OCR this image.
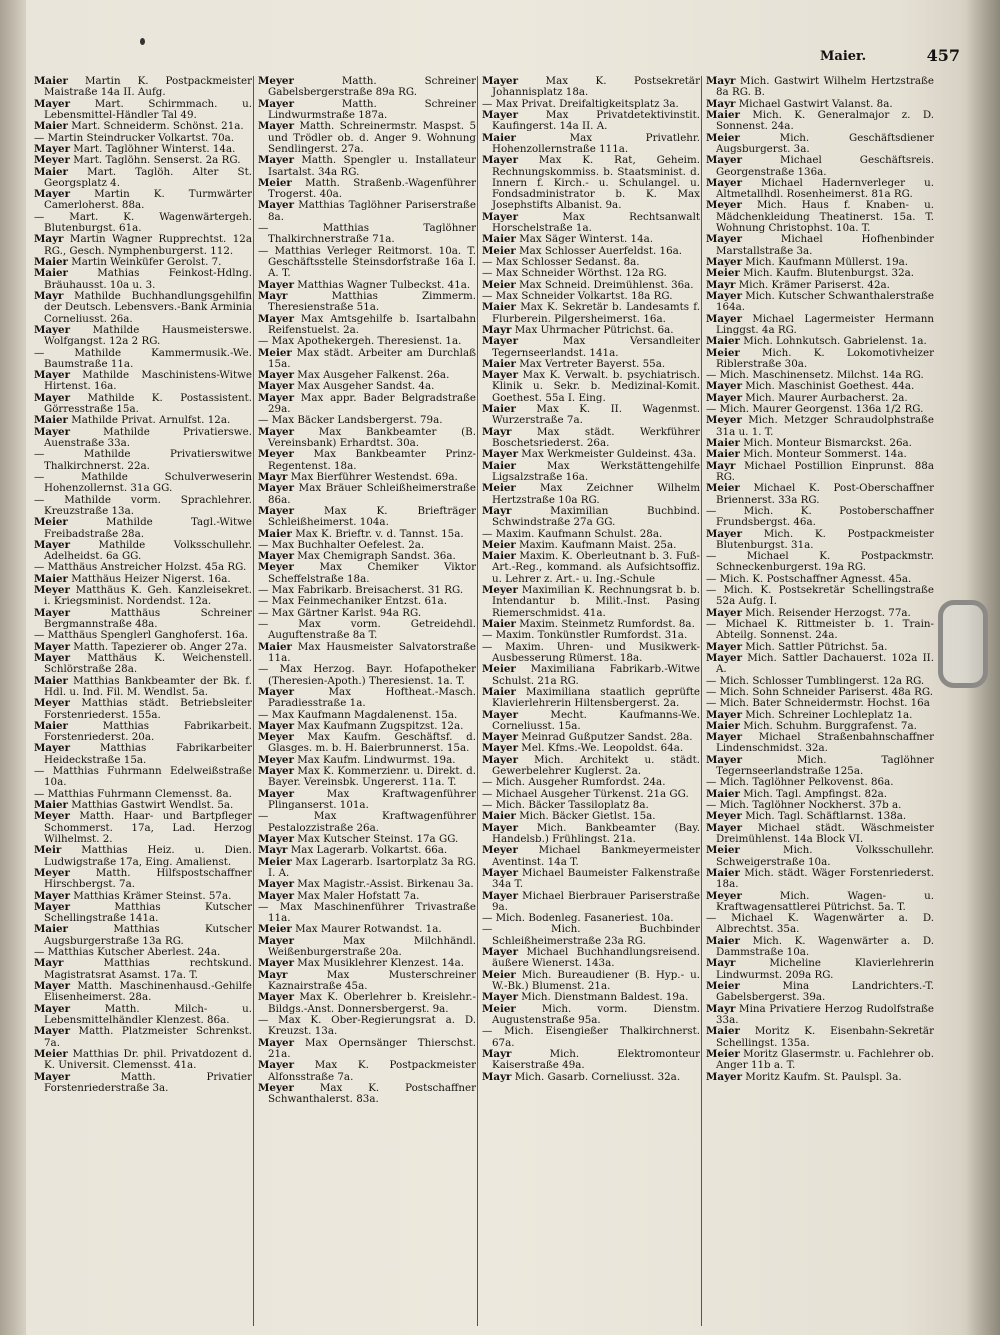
Maier.	457

Maier Martin K. Postpackmeister Maistraße 14a II. Aufg.

Mayer Mart. Schirmmach. u. Lebensmittel-Händler Tal 49.

Maier Mart. Schneiderm. Schönst. 21a.

— Martin Steindrucker Volkartst. 70a.

Mayer Mart. Taglöhner Winterst. 14a.

Meyer Mart. Taglöhn. Senserst. 2a RG.

Maier Mart. Taglöh. Alter St. Georgsplatz 4.

Mayer Martin K. Turmwärter Camerloherst. 88a.

— Mart. K. Wagenwärtergeh. Blutenburgst. 61a.

Mayr Martin Wagner Rupprechtst. 12a RG., Gesch. Nymphenburgerst. 112.

Maier Martin Weinküfer Gerolst. 7.

Maier Mathias Feinkost-Hdlng. Bräuhausst. 10a u. 3.

Mayr Mathilde Buchhandlungsgehilfin der Deutsch. Lebensvers.-Bank Arminia Corneliusst. 26a.

Mayer Mathilde Hausmeisterswe. Wolfgangst. 12a 2 RG.

— Mathilde Kammermusik.-We. Baumstraße 11a.

Mayer Mathilde Maschinistens-Witwe Hirtenst. 16a.

Mayer Mathilde K. Postassistent. Görresstraße 15a.

Maier Mathilde Privat. Arnulfst. 12a.

Mayer Mathilde Privatierswe. Auenstraße 33a.

— Mathilde Privatierswitwe Thalkirchnerst. 22a.

— Mathilde Schulverweserin Hohenzollernst. 31a GG.

— Mathilde vorm. Sprachlehrer. Kreuzstraße 13a.

Meier Mathilde Tagl.-Witwe Freibadstraße 28a.

Mayer Mathilde Volksschullehr. Adelheidst. 6a GG.

— Matthäus Anstreicher Holzst. 45a RG.

Maier Matthäus Heizer Nigerst. 16a.

Meyer Matthäus K. Geh. Kanzleisekret. i. Kriegsminist. Nordendst. 12a.

Mayer Matthäus Schreiner Bergmannstraße 48a.

— Matthäus Spenglerl Ganghoferst. 16a.

Mayer Matth. Tapezierer ob. Anger 27a.

Mayer Matthäus K. Weichenstell. Schlörstraße 28a.

Maier Matthias Bankbeamter der Bk. f. Hdl. u. Ind. Fil. M. Wendlst. 5a.

Meyer Matthias städt. Betriebsleiter Forstenriederst. 155a.

Maier Matthias Fabrikarbeit. Forstenriederst. 20a.

Mayer Matthias Fabrikarbeiter Heideckstraße 15a.

— Matthias Fuhrmann Edelweißstraße 10a.

— Matthias Fuhrmann Clemensst. 8a.

Maier Matthias Gastwirt Wendlst. 5a.

Meyer Matth. Haar- und Bartpfleger Schommerst. 17a, Lad. Herzog Wilhelmst. 2.

Meir Matthias Heiz. u. Dien. Ludwigstraße 17a, Eing. Amalienst.

Meyer Matth. Hilfspostschaffner Hirschbergst. 7a.

Mayer Matthias Krämer Steinst. 57a.

Mayer Matthias Kutscher Schellingstraße 141a.

Maier Matthias Kutscher Augsburgerstraße 13a RG.

— Matthias Kutscher Aberlest. 24a.

Mayr Matthias rechtskund. Magistratsrat Asamst. 17a. T.

Mayer Matth. Maschinenhausd.-Gehilfe Elisenheimerst. 28a.

Mayer Matth. Milch- u. Lebensmittelhändler Klenzest. 86a.

Mayer Matth. Platzmeister Schrenkst. 7a.

Meier Matthias Dr. phil. Privatdozent d. K. Universit. Clemensst. 41a.

Mayer Matth. Privatier Forstenriederstraße 3a.

Meyer Matth. Schreiner Gabelsbergerstraße 89a RG.

Mayer Matth. Schreiner Lindwurmstraße 187a.

Mayer Matth. Schreinermstr. Maspst. 5 und Trödler ob. d. Anger 9. Wohnung Sendlingerst. 27a.

Mayer Matth. Spengler u. Installateur Isartalst. 34a RG.

Meier Matth. Straßenb.-Wagenführer Trogerst. 40a.

Mayer Matthias Taglöhner Pariserstraße 8a.

— Matthias Taglöhner Thalkirchnerstraße 71a.

— Matthias Verleger Reitmorst. 10a. T. Geschäftsstelle Steinsdorfstraße 16a I. A. T.

Mayer Matthias Wagner Tulbeckst. 41a.

Mayr Matthias Zimmerm. Theresienstraße 51a.

Mayer Max Amtsgehilfe b. Isartalbahn Reifenstuelst. 2a.

— Max Apothekergeh. Theresienst. 1a.

Meier Max städt. Arbeiter am Durchlaß 15a.

Mayer Max Ausgeher Falkenst. 26a.

Mayer Max Ausgeher Sandst. 4a.

Mayer Max appr. Bader Belgradstraße 29a.

— Max Bäcker Landsbergerst. 79a.

Mayer Max Bankbeamter (B. Vereinsbank) Erhardtst. 30a.

Meyer Max Bankbeamter Prinz-Regentenst. 18a.

Mayr Max Bierführer Westendst. 69a.

Mayer Max Bräuer Schleißheimerstraße 86a.

Mayer Max K. Briefträger Schleißheimerst. 104a.

Maier Max K. Brieftr. v. d. Tannst. 15a.

— Max Buchhalter Oefelest. 2a.

Mayer Max Chemigraph Sandst. 36a.

Meyer Max Chemiker Viktor Scheffelstraße 18a.

— Max Fabrikarb. Breisacherst. 31 RG.

— Max Feinmechaniker Entzst. 61a.

— Max Gärtner Karlst. 94a RG.

— Max vorm. Getreidehdl. Auguftenstraße 8a T.

Maier Max Hausmeister Salvatorstraße 11a.

— Max Herzog. Bayr. Hofapotheker (Theresien-Apoth.) Theresienst. 1a. T.

Mayer Max Hoftheat.-Masch. Paradiesstraße 1a.

— Max Kaufmann Magdalenenst. 15a.

Mayer Max Kaufmann Zugspitzst. 12a.

Meyer Max Kaufm. Geschäftsf. d. Glasges. m. b. H. Baierbrunnerst. 15a.

Meyer Max Kaufm. Lindwurmst. 19a.

Mayer Max K. Kommerzienr. u. Direkt. d. Bayer. Vereinsbk. Ungererst. 11a. T.

Mayer Max Kraftwagenführer Plinganserst. 101a.

— Max Kraftwagenführer Pestalozzistraße 26a.

Mayer Max Kutscher Steinst. 17a GG.

Mayr Max Lagerarb. Volkartst. 66a.

Meier Max Lagerarb. Isartorplatz 3a RG. I. A.

Mayer Max Magistr.-Assist. Birkenau 3a.

Mayer Max Maler Hofstatt 7a.

— Max Maschinenführer Trivastraße 11a.

Meier Max Maurer Rotwandst. 1a.

Mayer Max Milchhändl. Weißenburgerstraße 20a.

Mayer Max Musiklehrer Klenzest. 14a.

Mayr Max Musterschreiner Kaznairstraße 45a.

Mayer Max K. Oberlehrer b. Kreislehr.-Bildgs.-Anst. Donnersbergerst. 9a.

— Max K. Ober-Regierungsrat a. D. Kreuzst. 13a.

Mayer Max Opernsänger Thierschst. 21a.

Mayer Max K. Postpackmeister Alfonsstraße 7a.

Meyer Max K. Postschaffner Schwanthalerst. 83a.

Mayer Max K. Postsekretär Johannisplatz 18a.

— Max Privat. Dreifaltigkeitsplatz 3a.

Mayer Max Privatdetektivinstit. Kaufingerst. 14a II. A.

Maier Max Privatlehr. Hohenzollernstraße 111a.

Mayer Max K. Rat, Geheim. Rechnungskommiss. b. Staatsminist. d. Innern f. Kirch.- u. Schulangel. u. Fondsadministrator b. K. Max Josephstifts Albanist. 9a.

Mayer Max Rechtsanwalt Horschelstraße 1a.

Maier Max Säger Winterst. 14a.

Meier Max Schlosser Auerfeldst. 16a.

— Max Schlosser Sedanst. 8a.

— Max Schneider Wörthst. 12a RG.

Meier Max Schneid. Dreimühlenst. 36a.

— Max Schneider Volkartst. 18a RG.

Maier Max K. Sekretär b. Landesamts f. Flurberein. Pilgersheimerst. 16a.

Mayr Max Uhrmacher Pütrichst. 6a.

Mayer Max Versandleiter Tegernseerlandst. 141a.

Maier Max Vertreter Bayerst. 55a.

Mayer Max K. Verwalt. b. psychiatrisch. Klinik u. Sekr. b. Medizinal-Komit. Goethest. 55a I. Eing.

Maier Max K. II. Wagenmst. Wurzerstraße 7a.

Mayr Max städt. Werkführer Boschetsriederst. 26a.

Mayer Max Werkmeister Guldeinst. 43a.

Maier Max Werkstättengehilfe Ligsalzstraße 16a.

Meier Max Zeichner Wilhelm Hertzstraße 10a RG.

Mayr Maximilian Buchbind. Schwindstraße 27a GG.

— Maxim. Kaufmann Schulst. 28a.

Meier Maxim. Kaufmann Maist. 25a.

Maier Maxim. K. Oberleutnant b. 3. Fuß-Art.-Reg., kommand. als Aufsichtsoffiz. u. Lehrer z. Art.- u. Ing.-Schule

Meyer Maximilian K. Rechnungsrat b. b. Intendantur b. Milit.-Inst. Pasing Riemerschmidst. 41a.

Maier Maxim. Steinmetz Rumfordst. 8a.

— Maxim. Tonkünstler Rumfordst. 31a.

— Maxim. Uhren- und Musikwerk-Ausbesserung Rümerst. 18a.

Meier Maximiliana Fabrikarb.-Witwe Schulst. 21a RG.

Maier Maximiliana staatlich geprüfte Klavierlehrerin Hiltensbergerst. 2a.

Mayer Mecht. Kaufmanns-We. Corneliusst. 15a.

Mayer Meinrad Gußputzer Sandst. 28a.

Mayer Mel. Kfms.-We. Leopoldst. 64a.

Mayer Mich. Architekt u. städt. Gewerbelehrer Kuglerst. 2a.

— Mich. Ausgeher Rumfordst. 24a.

— Michael Ausgeher Türkenst. 21a GG.

— Mich. Bäcker Tassiloplatz 8a.

Maier Mich. Bäcker Gietlst. 15a.

Mayer Mich. Bankbeamter (Bay. Handelsb.) Frühlingst. 21a.

Meyer Michael Bankmeyermeister Aventinst. 14a T.

Mayer Michael Baumeister Falkenstraße 34a T.

Mayer Michael Bierbrauer Pariserstraße 9a.

— Mich. Bodenleg. Fasaneriest. 10a.

— Mich. Buchbinder Schleißheimerstraße 23a RG.

Mayer Michael Buchhandlungsreisend. äußere Wienerst. 143a.

Meier Mich. Bureaudiener (B. Hyp.- u. W.-Bk.) Blumenst. 21a.

Mayer Mich. Dienstmann Baldest. 19a.

Meier Mich. vorm. Dienstm. Augustenstraße 95a.

— Mich. Eisengießer Thalkirchnerst. 67a.

Mayr Mich. Elektromonteur Kaiserstraße 49a.

Mayr Mich. Gasarb. Corneliusst. 32a.

Mayr Mich. Gastwirt Wilhelm Hertzstraße 8a RG. B.

Mayr Michael Gastwirt Valanst. 8a.

Maier Mich. K. Generalmajor z. D. Sonnenst. 24a.

Meier Mich. Geschäftsdiener Augsburgerst. 3a.

Mayer Michael Geschäftsreis. Georgenstraße 136a.

Mayer Michael Hadernverleger u. Altmetallhdl. Rosenheimerst. 81a RG.

Meyer Mich. Haus f. Knaben- u. Mädchenkleidung Theatinerst. 15a. T. Wohnung Christophst. 10a. T.

Mayer Michael Hofhenbinder Marstallstraße 3a.

Mayer Mich. Kaufmann Müllerst. 19a.

Meier Mich. Kaufm. Blutenburgst. 32a.

Mayr Mich. Krämer Pariserst. 42a.

Mayer Mich. Kutscher Schwanthalerstraße 164a.

Mayer Michael Lagermeister Hermann Linggst. 4a RG.

Maier Mich. Lohnkutsch. Gabrielenst. 1a.

Meier Mich. K. Lokomotivheizer Riblerstraße 30a.

— Mich. Maschinensetz. Milchst. 14a RG.

Mayer Mich. Maschinist Goethest. 44a.

Mayer Mich. Maurer Aurbacherst. 2a.

— Mich. Maurer Georgenst. 136a 1/2 RG.

Meyer Mich. Metzger Schraudolphstraße 31a u. 1. T.

Maier Mich. Monteur Bismarckst. 26a.

Maier Mich. Monteur Sommerst. 14a.

Mayr Michael Postillion Einprunst. 88a RG.

Meier Michael K. Post-Oberschaffner Briennerst. 33a RG.

— Mich. K. Postoberschaffner Frundsbergst. 46a.

Mayer Mich. K. Postpackmeister Blutenburgst. 31a.

— Michael K. Postpackmstr. Schneckenburgerst. 19a RG.

— Mich. K. Postschaffner Agnesst. 45a.

— Mich. K. Postsekretär Schellingstraße 52a Aufg. I.

Mayer Mich. Reisender Herzogst. 77a.

— Michael K. Rittmeister b. 1. Train-Abteilg. Sonnenst. 24a.

Mayer Mich. Sattler Pütrichst. 5a.

Mayer Mich. Sattler Dachauerst. 102a II. A.

— Mich. Schlosser Tumblingerst. 12a RG.

— Mich. Sohn Schneider Pariserst. 48a RG.

— Mich. Bater Schneidermstr. Hochst. 16a

Mayer Mich. Schreiner Lochleplatz 1a.

Maier Mich. Schuhm. Burggrafenst. 7a.

Mayer Michael Straßenbahnschaffner Lindenschmidst. 32a.

Mayer Mich. Taglöhner Tegernseerlandstraße 125a.

— Mich. Taglöhner Pelkovenst. 86a.

Maier Mich. Tagl. Ampfingst. 82a.

— Mich. Taglöhner Nockherst. 37b a.

Meyer Mich. Tagl. Schäftlarnst. 138a.

Mayer Michael städt. Wäschmeister Dreimühlenst. 14a Block VI.

Meier Mich. Volksschullehr. Schweigerstraße 10a.

Maier Mich. städt. Wäger Forstenriederst. 18a.

Meyer Mich. Wagen- u. Kraftwagensattlerei Pütrichst. 5a. T.

— Michael K. Wagenwärter a. D. Albrechtst. 35a.

Maier Mich. K. Wagenwärter a. D. Dammstraße 10a.

Mayr Micheline Klavierlehrerin Lindwurmst. 209a RG.

Meier Mina Landrichters.-T. Gabelsbergerst. 39a.

Mayr Mina Privatiere Herzog Rudolfstraße 33a.

Maier Moritz K. Eisenbahn-Sekretär Schellingst. 135a.

Meier Moritz Glasermstr. u. Fachlehrer ob. Anger 11b a. T.

Mayer Moritz Kaufm. St. Paulspl. 3a.
